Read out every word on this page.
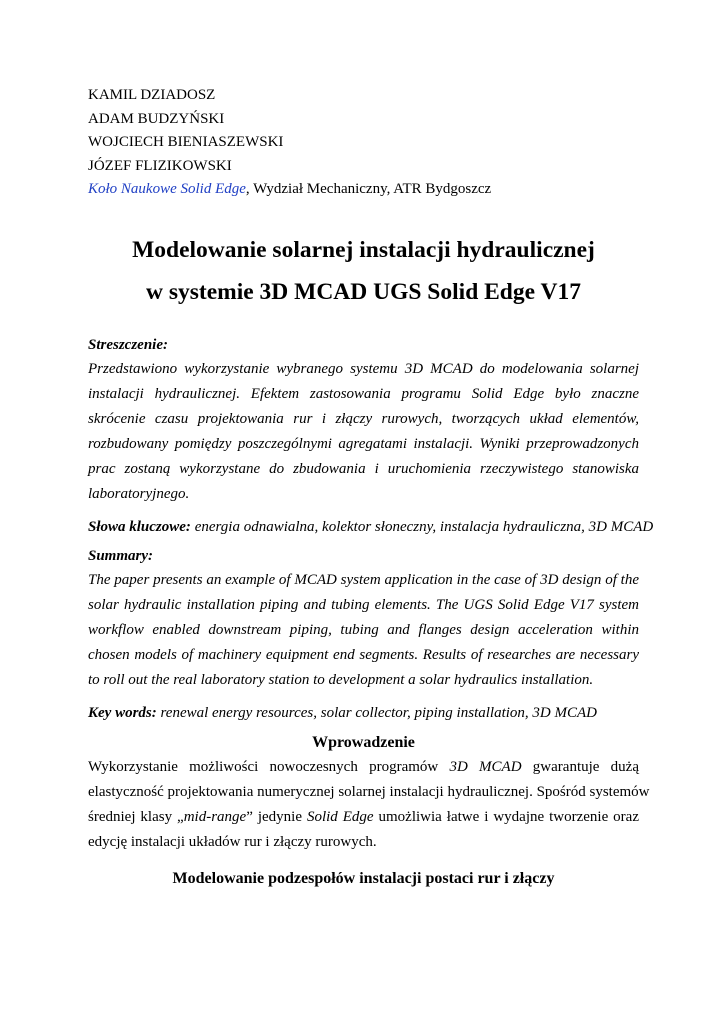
KAMIL DZIADOSZ
ADAM BUDZYŃSKI
WOJCIECH BIENIASZEWSKI
JÓZEF FLIZIKOWSKI
Koło Naukowe Solid Edge, Wydział Mechaniczny, ATR Bydgoszcz
Modelowanie solarnej instalacji hydraulicznej
w systemie 3D MCAD UGS Solid Edge V17
Streszczenie:
Przedstawiono wykorzystanie wybranego systemu 3D MCAD do modelowania solarnej instalacji hydraulicznej. Efektem zastosowania programu Solid Edge było znaczne skrócenie czasu projektowania rur i złączy rurowych, tworzących układ elementów, rozbudowany pomiędzy poszczególnymi agregatami instalacji. Wyniki przeprowadzonych prac zostaną wykorzystane do zbudowania i uruchomienia rzeczywistego stanowiska laboratoryjnego.
Słowa kluczowe: energia odnawialna, kolektor słoneczny, instalacja hydrauliczna, 3D MCAD
Summary:
The paper presents an example of MCAD system application in the case of 3D design of the solar hydraulic installation piping and tubing elements. The UGS Solid Edge V17 system workflow enabled downstream piping, tubing and flanges design acceleration within chosen models of machinery equipment end segments. Results of researches are necessary to roll out the real laboratory station to development a solar hydraulics installation.
Key words: renewal energy resources, solar collector, piping installation, 3D MCAD
Wprowadzenie
Wykorzystanie możliwości nowoczesnych programów 3D MCAD gwarantuje dużą
elastyczność projektowania numerycznej solarnej instalacji hydraulicznej. Spośród systemów
średniej klasy „mid-range” jedynie Solid Edge umożliwia łatwe i wydajne tworzenie oraz
edycję instalacji układów rur i złączy rurowych.
Modelowanie podzespołów instalacji postaci rur i złączy
